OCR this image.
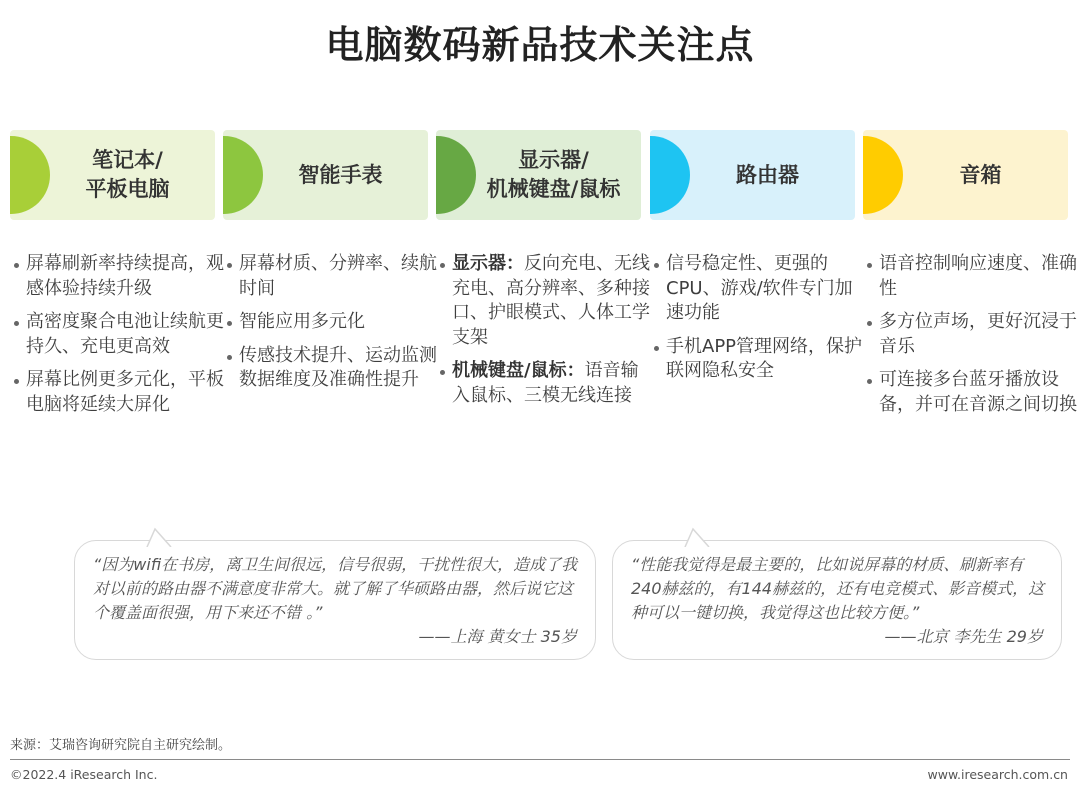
电脑数码新品技术关注点
笔记本/
平板电脑
智能手表
显示器/
机械键盘/鼠标
路由器	音箱
屏幕刷新率持续提高，观感体验持续升级
高密度聚合电池让续航更持久、充电更高效
屏幕比例更多元化，平板电脑将延续大屏化
屏幕材质、分辨率、续航时间
智能应用多元化
传感技术提升、运动监测数据维度及准确性提升
显示器：反向充电、无线充电、高分辨率、多种接口、护眼模式、人体工学支架
机械键盘/鼠标：语音输入鼠标、三模无线连接
信号稳定性、更强的CPU、游戏/软件专门加速功能
手机APP管理网络，保护联网隐私安全
语音控制响应速度、准确性
多方位声场，更好沉浸于音乐
可连接多台蓝牙播放设备，并可在音源之间切换
“因为wifi在书房，离卫生间很远，信号很弱，干扰性很大，造成了我对以前的路由器不满意度非常大。就了解了华硕路由器，然后说它这个覆盖面很强，用下来还不错 。”
——上海 黄女士 35岁
“性能我觉得是最主要的，比如说屏幕的材质、刷新率有240赫兹的，有144赫兹的，还有电竞模式、影音模式，这种可以一键切换，我觉得这也比较方便。”
——北京 李先生 29岁
来源：艾瑞咨询研究院自主研究绘制。
©2022.4 iResearch Inc.	www.iresearch.com.cn
